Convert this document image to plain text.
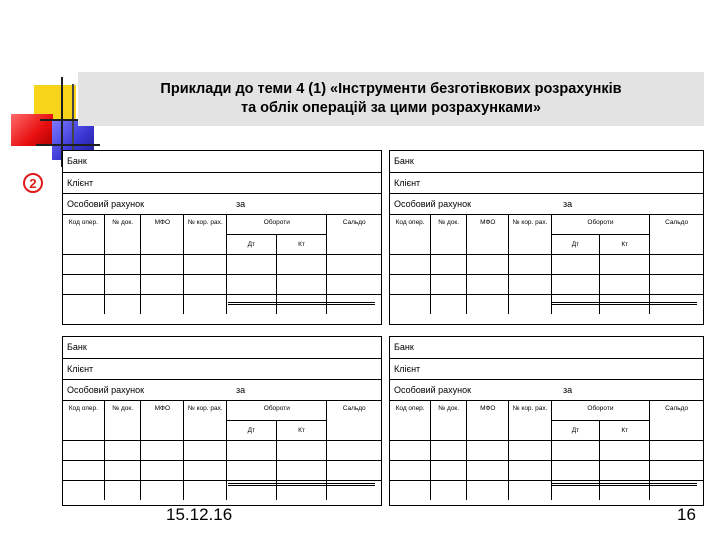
Приклади до теми 4 (1) «Інструменти безготівкових розрахунків
та облік операцій за цими розрахунками»
2
Банк						
Клієнт						
Особовий рахунок за						
Код опер.	№ док.	МФО	№ кор. рах.	Обороти		Сальдо
				Дт	Кт	

Банк						
Клієнт						
Особовий рахунок за						
Код опер.	№ док.	МФО	№ кор. рах.	Обороти		Сальдо
				Дт	Кт	

Банк						
Клієнт						
Особовий рахунок за						
Код опер.	№ док.	МФО	№ кор. рах.	Обороти		Сальдо
				Дт	Кт	

Банк						
Клієнт						
Особовий рахунок за						
Код опер.	№ док.	МФО	№ кор. рах.	Обороти		Сальдо
				Дт	Кт	

15.12.16	16
